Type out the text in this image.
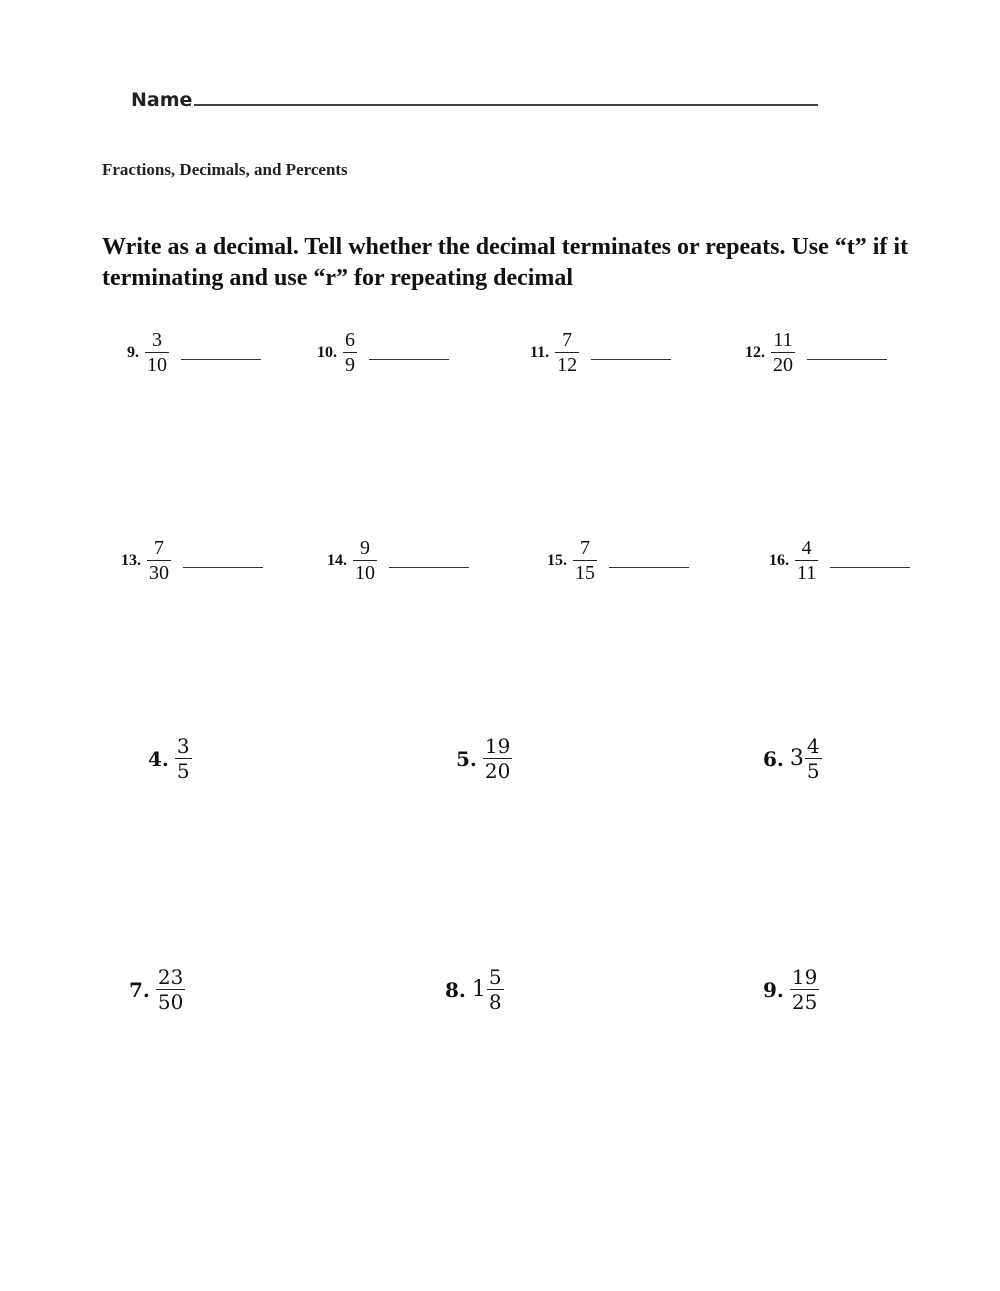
Name
Fractions, Decimals, and Percents
Write as a decimal. Tell whether the decimal terminates or repeats. Use “t” if it terminating and use “r” for repeating decimal
9. $\frac{3}{10}$	10. $\frac{6}{9}$	11. $\frac{7}{12}$	12. $\frac{11}{20}$
13. $\frac{7}{30}$	14. $\frac{9}{10}$	15. $\frac{7}{15}$	16. $\frac{4}{11}$
4. $\frac{3}{5}$	5. $\frac{19}{20}$	6. $3 \frac{4}{5}$
7. $\frac{23}{50}$	8. $1 \frac{5}{8}$	9. $\frac{19}{25}$
